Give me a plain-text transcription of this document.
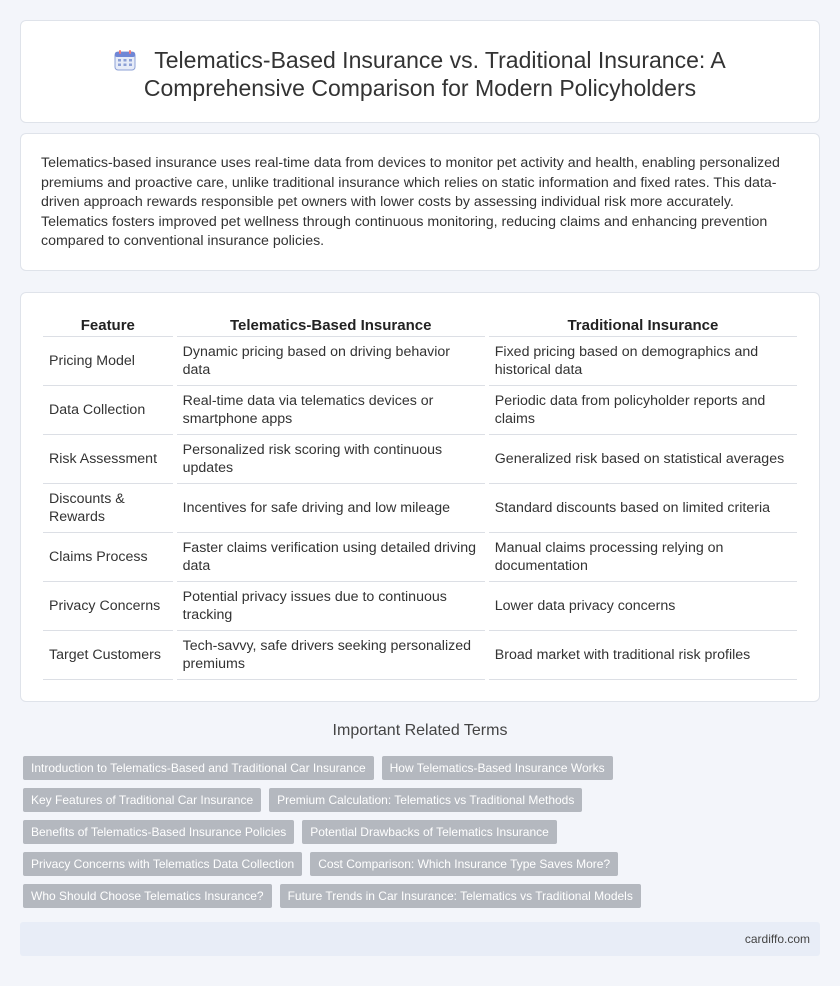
Telematics-Based Insurance vs. Traditional Insurance: A Comprehensive Comparison for Modern Policyholders

Telematics-based insurance uses real-time data from devices to monitor pet activity and health, enabling personalized premiums and proactive care, unlike traditional insurance which relies on static information and fixed rates. This data-driven approach rewards responsible pet owners with lower costs by assessing individual risk more accurately. Telematics fosters improved pet wellness through continuous monitoring, reducing claims and enhancing prevention compared to conventional insurance policies.

Feature	Telematics-Based Insurance	Traditional Insurance
Pricing Model	Dynamic pricing based on driving behavior data	Fixed pricing based on demographics and historical data
Data Collection	Real-time data via telematics devices or smartphone apps	Periodic data from policyholder reports and claims
Risk Assessment	Personalized risk scoring with continuous updates	Generalized risk based on statistical averages
Discounts & Rewards	Incentives for safe driving and low mileage	Standard discounts based on limited criteria
Claims Process	Faster claims verification using detailed driving data	Manual claims processing relying on documentation
Privacy Concerns	Potential privacy issues due to continuous tracking	Lower data privacy concerns
Target Customers	Tech-savvy, safe drivers seeking personalized premiums	Broad market with traditional risk profiles
Important Related Terms
Introduction to Telematics-Based and Traditional Car Insurance	How Telematics-Based Insurance Works
Key Features of Traditional Car Insurance	Premium Calculation: Telematics vs Traditional Methods
Benefits of Telematics-Based Insurance Policies	Potential Drawbacks of Telematics Insurance
Privacy Concerns with Telematics Data Collection	Cost Comparison: Which Insurance Type Saves More?
Who Should Choose Telematics Insurance?	Future Trends in Car Insurance: Telematics vs Traditional Models
cardiffo.com
